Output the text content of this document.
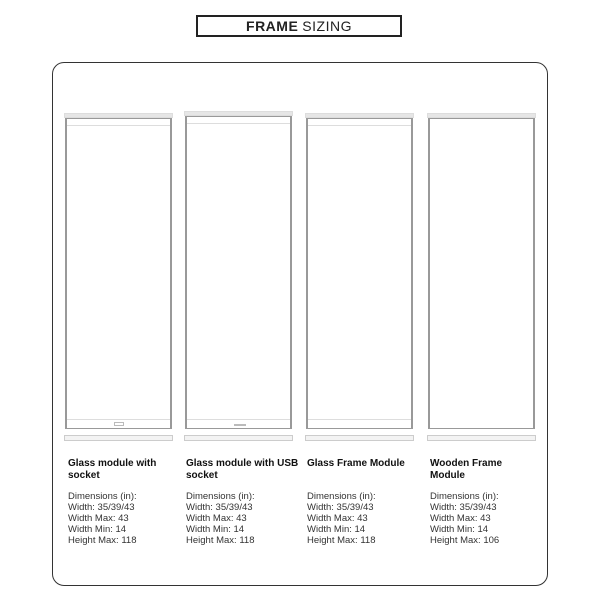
FRAME SIZING
Glass module with socket
Dimensions (in):
Width: 35/39/43
Width Max: 43
Width Min: 14
Height Max: 118
Glass module with USB socket
Dimensions (in):
Width: 35/39/43
Width Max: 43
Width Min: 14
Height Max: 118
Glass Frame Module
Dimensions (in):
Width: 35/39/43
Width Max: 43
Width Min: 14
Height Max: 118
Wooden Frame Module
Dimensions (in):
Width: 35/39/43
Width Max: 43
Width Min: 14
Height Max: 106
